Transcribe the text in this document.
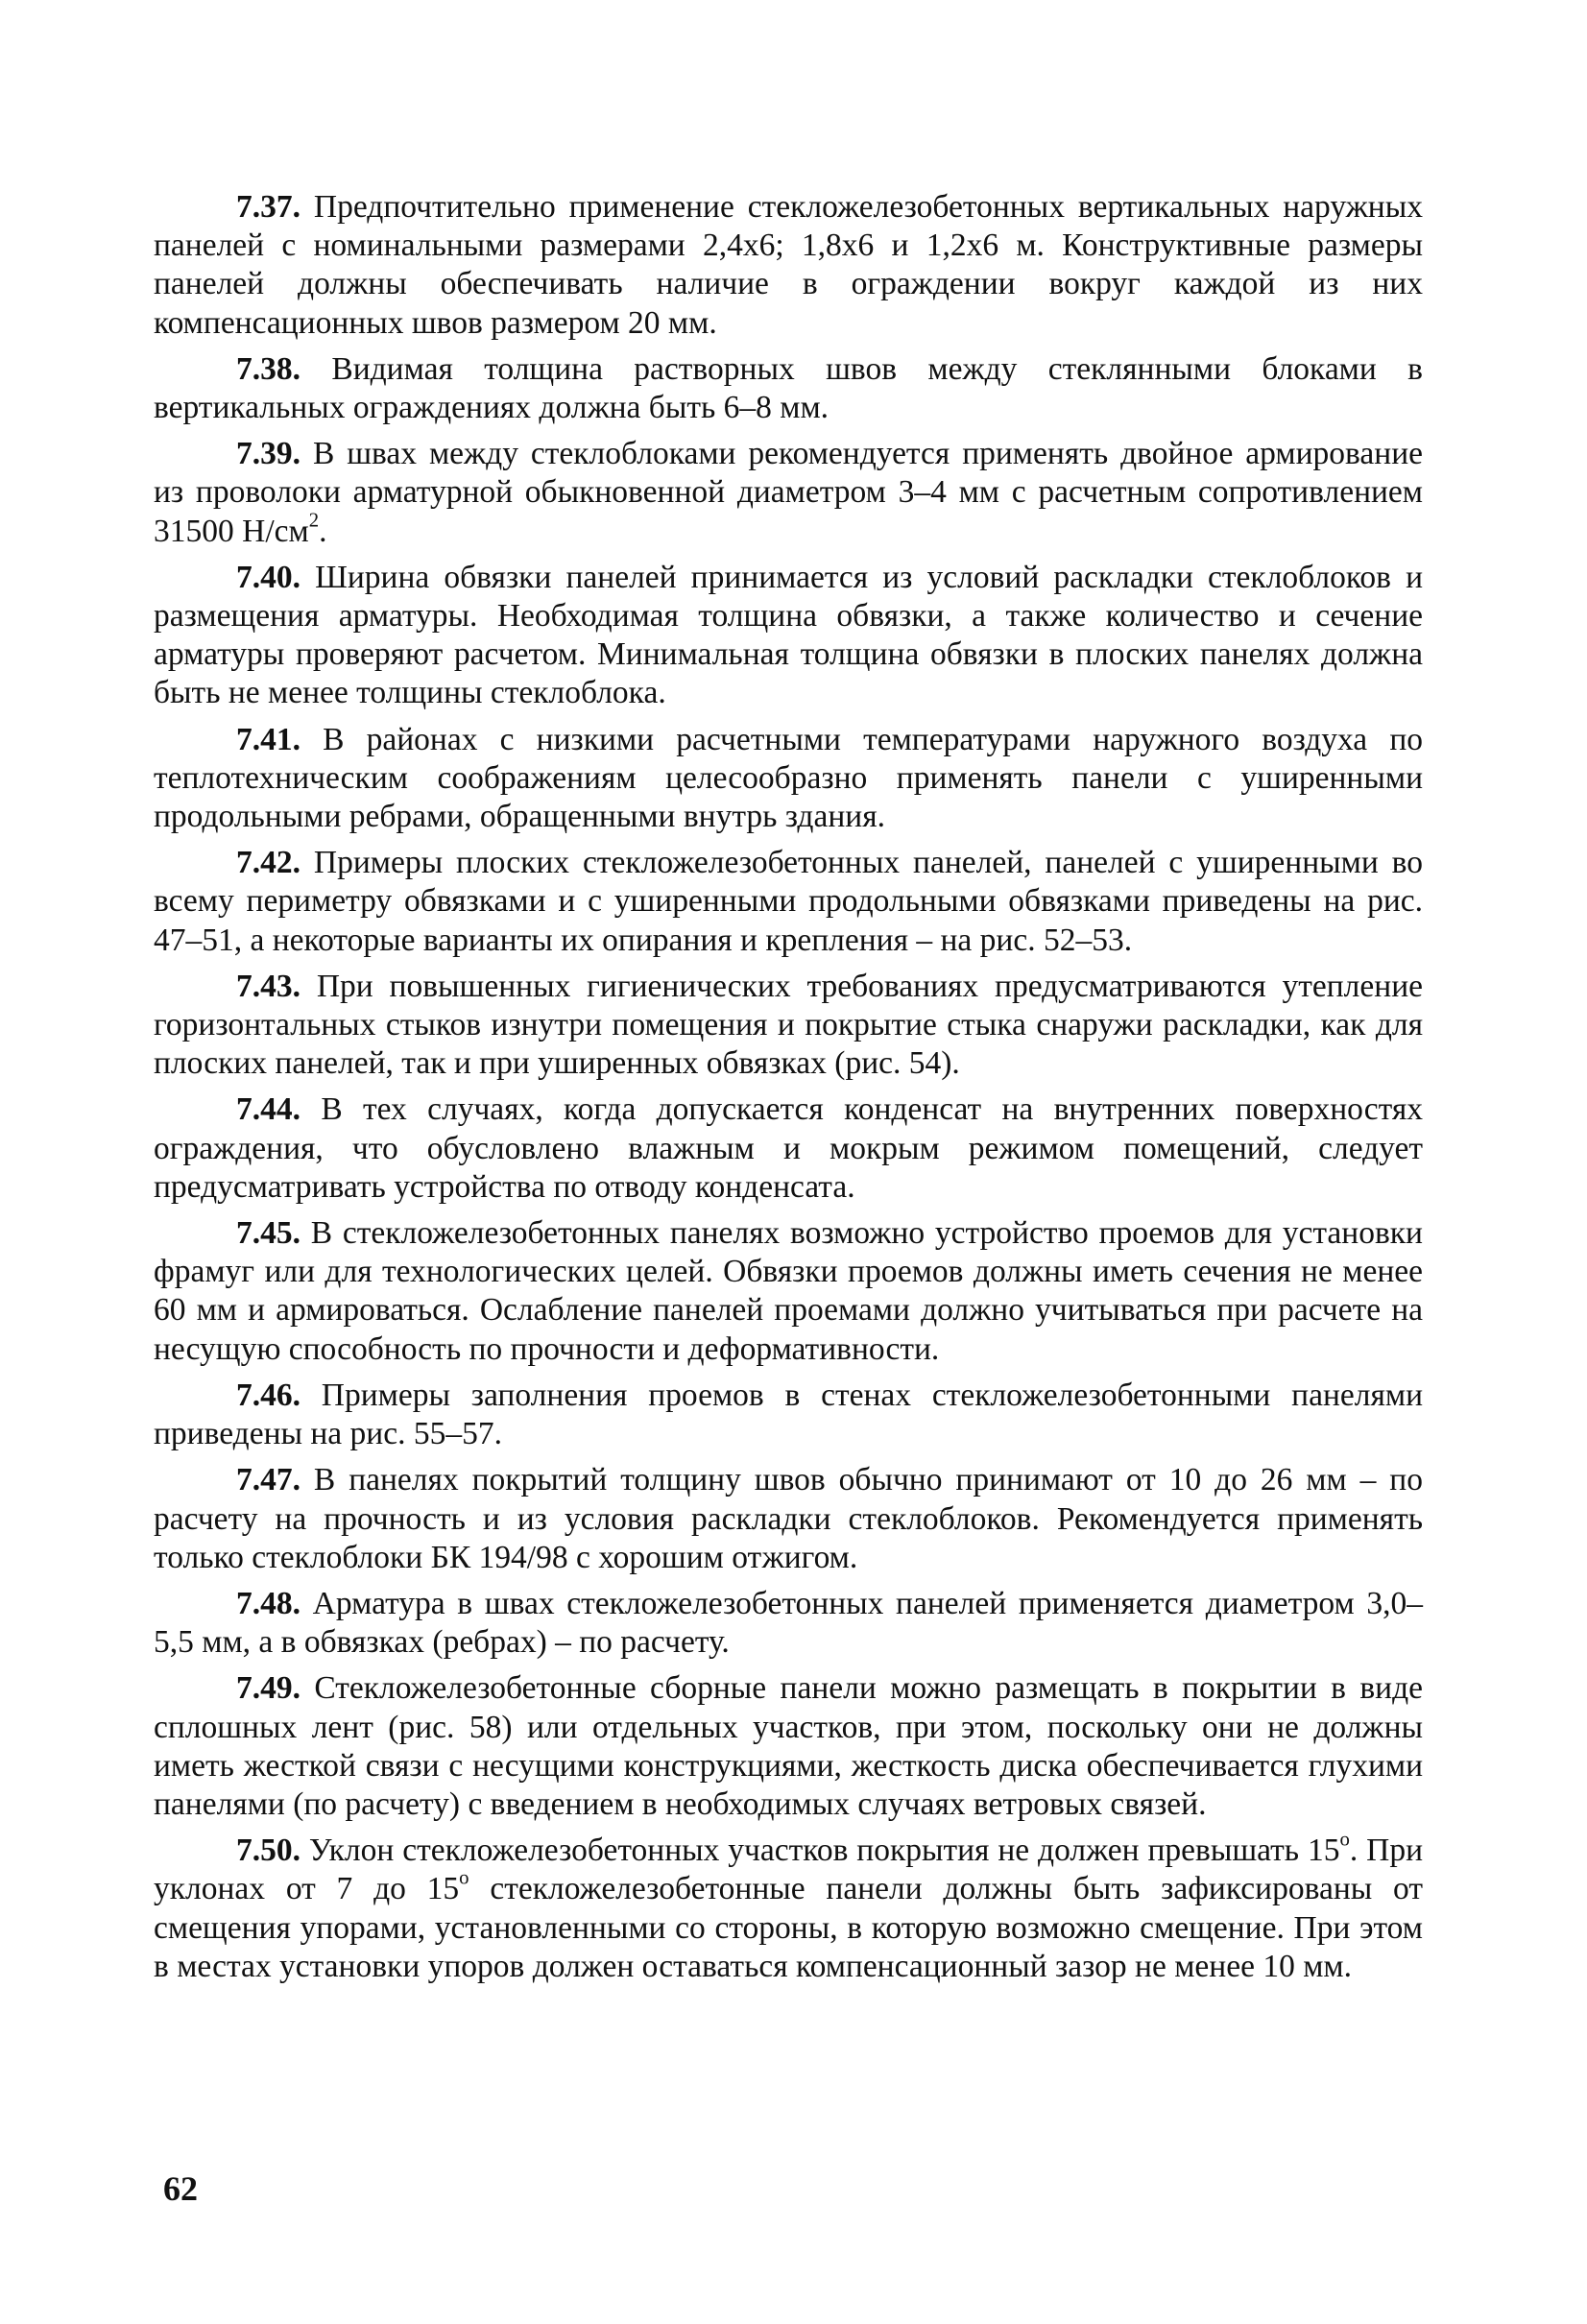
7.37. Предпочтительно применение стекложелезобетонных вертикальных наружных панелей с номинальными размерами 2,4х6; 1,8х6 и 1,2х6 м. Конструктивные размеры панелей должны обеспечивать наличие в ограждении вокруг каждой из них компенсационных швов размером 20 мм.

7.38. Видимая толщина растворных швов между стеклянными блоками в вертикальных ограждениях должна быть 6–8 мм.

7.39. В швах между стеклоблоками рекомендуется применять двойное армирование из проволоки арматурной обыкновенной диаметром 3–4 мм с расчетным сопротивлением 31500 $Н/см^2$.

7.40. Ширина обвязки панелей принимается из условий раскладки стеклоблоков и размещения арматуры. Необходимая толщина обвязки, а также количество и сечение арматуры проверяют расчетом. Минимальная толщина обвязки в плоских панелях должна быть не менее толщины стеклоблока.

7.41. В районах с низкими расчетными температурами наружного воздуха по теплотехническим соображениям целесообразно применять панели с уширенными продольными ребрами, обращенными внутрь здания.

7.42. Примеры плоских стекложелезобетонных панелей, панелей с уширенными во всему периметру обвязками и с уширенными продольными обвязками приведены на рис. 47–51, а некоторые варианты их опирания и крепления – на рис. 52–53.

7.43. При повышенных гигиенических требованиях предусматриваются утепление горизонтальных стыков изнутри помещения и покрытие стыка снаружи раскладки, как для плоских панелей, так и при уширенных обвязках (рис. 54).

7.44. В тех случаях, когда допускается конденсат на внутренних поверхностях ограждения, что обусловлено влажным и мокрым режимом помещений, следует предусматривать устройства по отводу конденсата.

7.45. В стекложелезобетонных панелях возможно устройство проемов для установки фрамуг или для технологических целей. Обвязки проемов должны иметь сечения не менее 60 мм и армироваться. Ослабление панелей проемами должно учитываться при расчете на несущую способность по прочности и деформативности.

7.46. Примеры заполнения проемов в стенах стекложелезобетонными панелями приведены на рис. 55–57.

7.47. В панелях покрытий толщину швов обычно принимают от 10 до 26 мм – по расчету на прочность и из условия раскладки стеклоблоков. Рекомендуется применять только стеклоблоки БК 194/98 с хорошим отжигом.

7.48. Арматура в швах стекложелезобетонных панелей применяется диаметром 3,0–5,5 мм, а в обвязках (ребрах) – по расчету.

7.49. Стекложелезобетонные сборные панели можно размещать в покрытии в виде сплошных лент (рис. 58) или отдельных участков, при этом, поскольку они не должны иметь жесткой связи с несущими конструкциями, жесткость диска обеспечивается глухими панелями (по расчету) с введением в необходимых случаях ветровых связей.

7.50. Уклон стекложелезобетонных участков покрытия не должен превышать $15^о$. При уклонах от 7 до $15^о$ стекложелезобетонные панели должны быть зафиксированы от смещения упорами, установленными со стороны, в которую возможно смещение. При этом в местах установки упоров должен оставаться компенсационный зазор не менее 10 мм.

62
